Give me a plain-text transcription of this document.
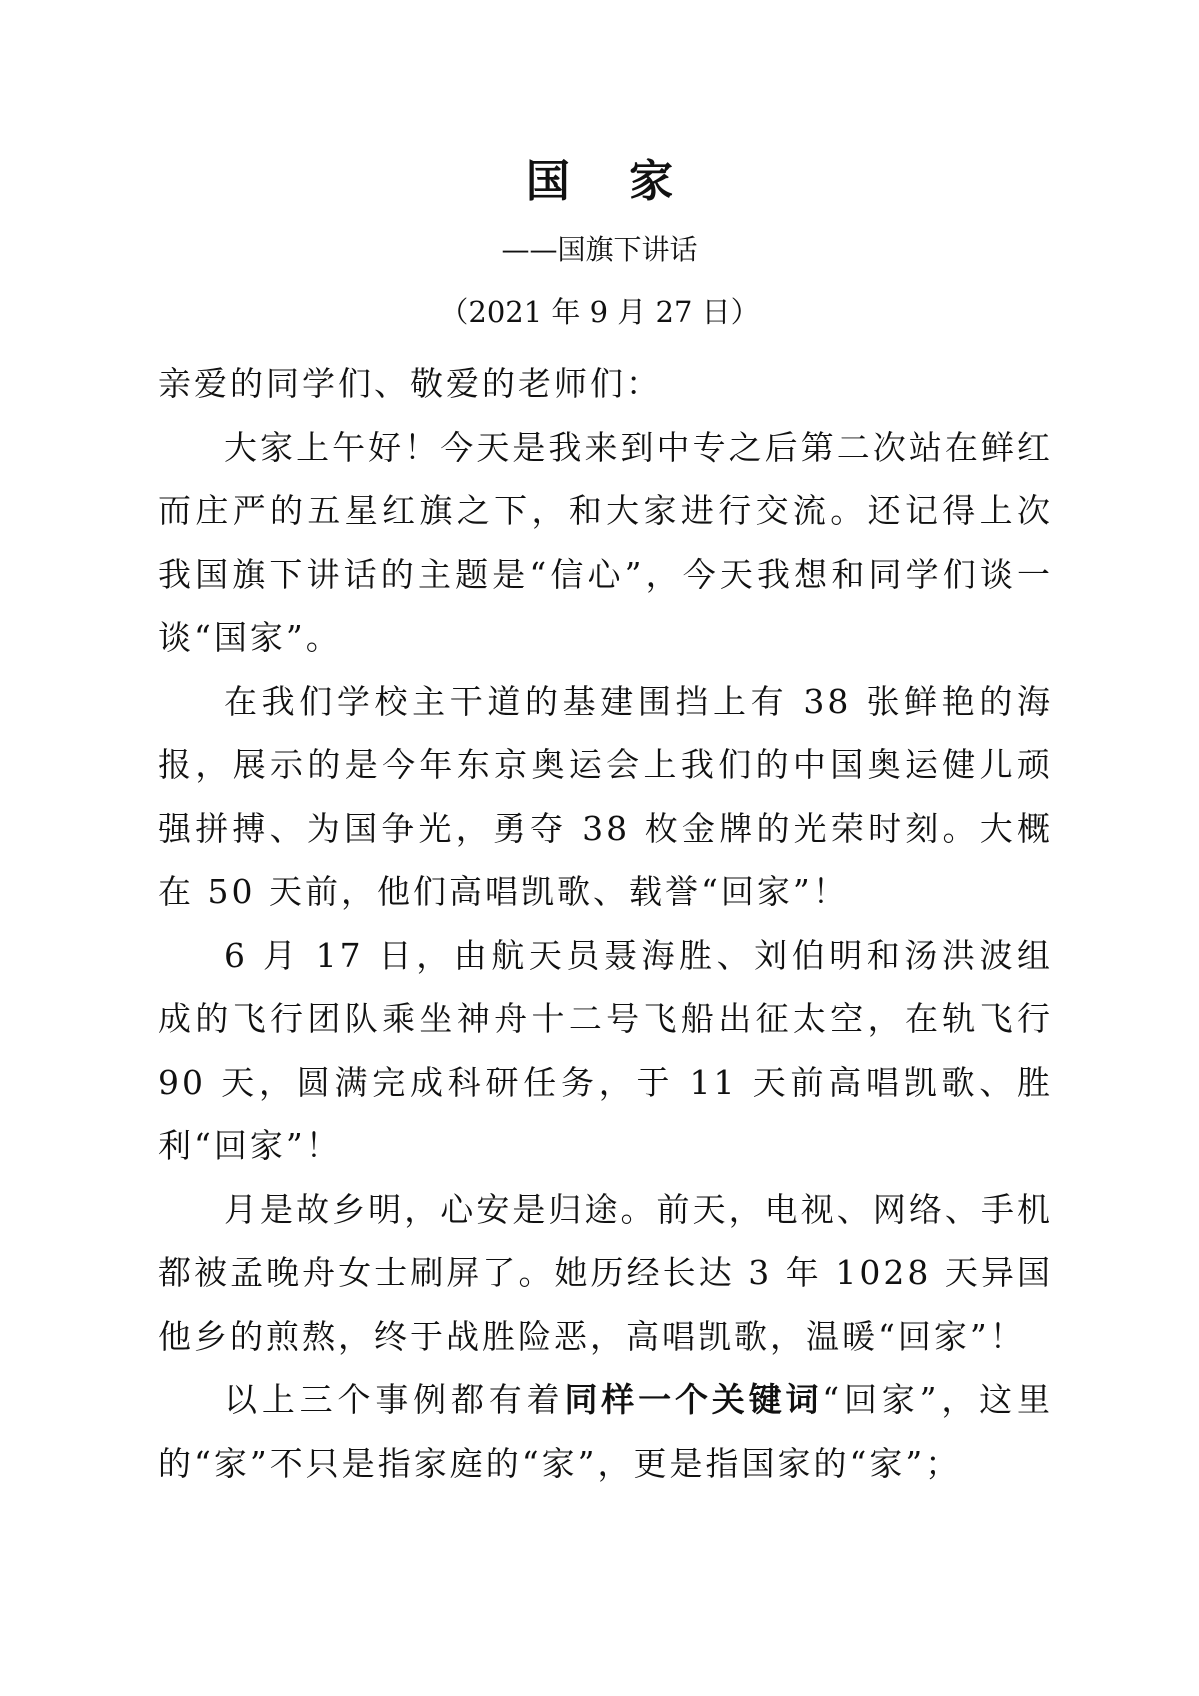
国 家
——国旗下讲话
（2021 年 9 月 27 日）

亲爱的同学们、敬爱的老师们：

大家上午好！今天是我来到中专之后第二次站在鲜红而庄严的五星红旗之下，和大家进行交流。还记得上次我国旗下讲话的主题是“信心”，今天我想和同学们谈一谈“国家”。

在我们学校主干道的基建围挡上有 38 张鲜艳的海报，展示的是今年东京奥运会上我们的中国奥运健儿顽强拼搏、为国争光，勇夺 38 枚金牌的光荣时刻。大概在 50 天前，他们高唱凯歌、载誉“回家”！

6 月 17 日，由航天员聂海胜、刘伯明和汤洪波组成的飞行团队乘坐神舟十二号飞船出征太空，在轨飞行 90 天，圆满完成科研任务，于 11 天前高唱凯歌、胜利“回家”！

月是故乡明，心安是归途。前天，电视、网络、手机都被孟晚舟女士刷屏了。她历经长达 3 年 1028 天异国他乡的煎熬，终于战胜险恶，高唱凯歌，温暖“回家”！

以上三个事例都有着同样一个关键词“回家”，这里的“家”不只是指家庭的“家”，更是指国家的“家”；
